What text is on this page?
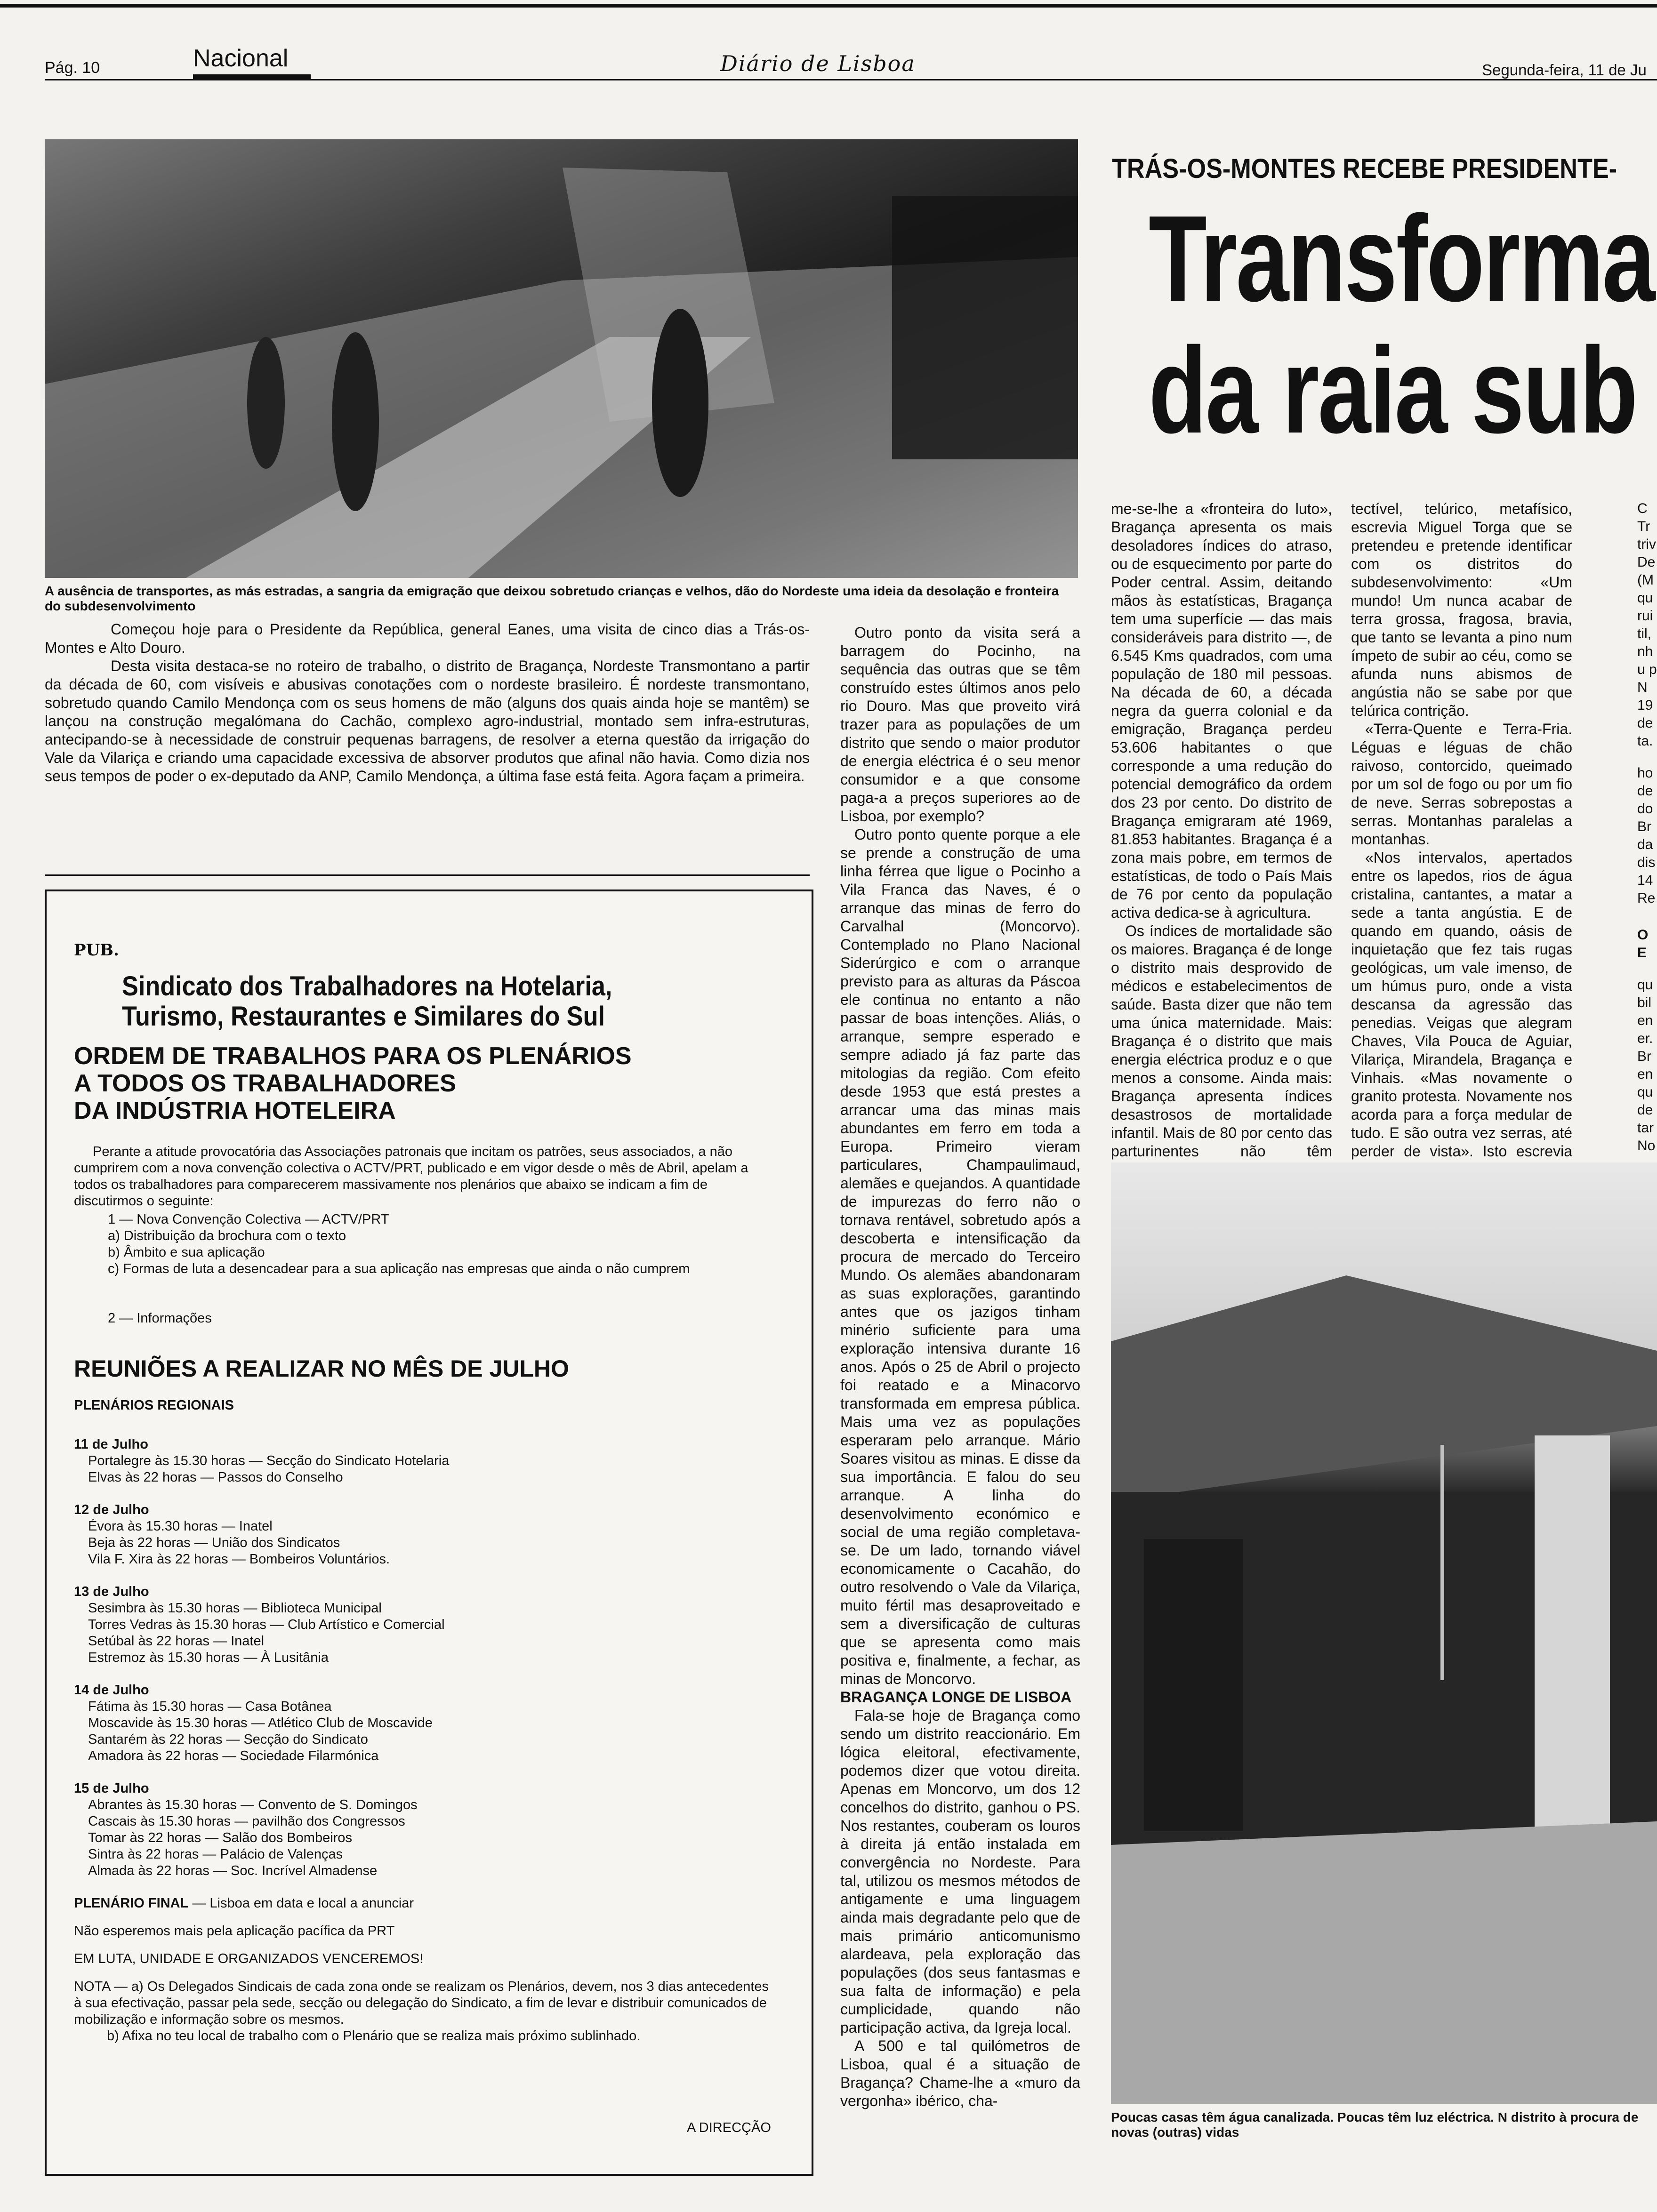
Pág. 10	Nacional	Diário de Lisboa	Segunda-feira, 11 de Ju
A ausência de transportes, as más estradas, a sangria da emigração que deixou sobretudo crianças e velhos, dão do Nordeste uma ideia da desolação e fronteira do subdesenvolvimento
TRÁS-OS-MONTES RECEBE PRESIDENTE-
Transforma
da raia sub

Começou hoje para o Presidente da República, general Eanes, uma visita de cinco dias a Trás-os-Montes e Alto Douro.

Desta visita destaca-se no roteiro de trabalho, o distrito de Bragança, Nordeste Transmontano a partir da década de 60, com visíveis e abusivas conotações com o nordeste brasileiro. É nordeste transmontano, sobretudo quando Camilo Mendonça com os seus homens de mão (alguns dos quais ainda hoje se mantêm) se lançou na construção megalómana do Cachão, complexo agro-industrial, montado sem infra-estruturas, antecipando-se à necessidade de construir pequenas barragens, de resolver a eterna questão da irrigação do Vale da Vilariça e criando uma capacidade excessiva de absorver produtos que afinal não havia. Como dizia nos seus tempos de poder o ex-deputado da ANP, Camilo Mendonça, a última fase está feita. Agora façam a primeira.

PUB.
Sindicato dos Trabalhadores na Hotelaria,
Turismo, Restaurantes e Similares do Sul
ORDEM DE TRABALHOS PARA OS PLENÁRIOS
A TODOS OS TRABALHADORES
DA INDÚSTRIA HOTELEIRA
Perante a atitude provocatória das Associações patronais que incitam os patrões, seus associados, a não cumprirem com a nova convenção colectiva o ACTV/PRT, publicado e em vigor desde o mês de Abril, apelam a todos os trabalhadores para comparecerem massivamente nos plenários que abaixo se indicam a fim de discutirmos o seguinte:
1 — Nova Convenção Colectiva — ACTV/PRT
a) Distribuição da brochura com o texto
b) Âmbito e sua aplicação
c) Formas de luta a desencadear para a sua aplicação nas empresas que ainda o não cumprem
2 — Informações
REUNIÕES A REALIZAR NO MÊS DE JULHO
PLENÁRIOS REGIONAIS
11 de Julho
Portalegre às 15.30 horas — Secção do Sindicato Hotelaria
Elvas às 22 horas — Passos do Conselho
12 de Julho
Évora às 15.30 horas — Inatel
Beja às 22 horas — União dos Sindicatos
Vila F. Xira às 22 horas — Bombeiros Voluntários.
13 de Julho
Sesimbra às 15.30 horas — Biblioteca Municipal
Torres Vedras às 15.30 horas — Club Artístico e Comercial
Setúbal às 22 horas — Inatel
Estremoz às 15.30 horas — À Lusitânia
14 de Julho
Fátima às 15.30 horas — Casa Botânea
Moscavide às 15.30 horas — Atlético Club de Moscavide
Santarém às 22 horas — Secção do Sindicato
Amadora às 22 horas — Sociedade Filarmónica
15 de Julho
Abrantes às 15.30 horas — Convento de S. Domingos
Cascais às 15.30 horas — pavilhão dos Congressos
Tomar às 22 horas — Salão dos Bombeiros
Sintra às 22 horas — Palácio de Valenças
Almada às 22 horas — Soc. Incrível Almadense
PLENÁRIO FINAL — Lisboa em data e local a anunciar
Não esperemos mais pela aplicação pacífica da PRT
EM LUTA, UNIDADE E ORGANIZADOS VENCEREMOS!
NOTA — a) Os Delegados Sindicais de cada zona onde se realizam os Plenários, devem, nos 3 dias antecedentes à sua efectivação, passar pela sede, secção ou delegação do Sindicato, a fim de levar e distribuir comunicados de mobilização e informação sobre os mesmos.
b) Afixa no teu local de trabalho com o Plenário que se realiza mais próximo sublinhado.
A DIRECÇÃO

Outro ponto da visita será a barragem do Pocinho, na sequência das outras que se têm construído estes últimos anos pelo rio Douro. Mas que proveito virá trazer para as populações de um distrito que sendo o maior produtor de energia eléctrica é o seu menor consumidor e a que consome paga-a a preços superiores ao de Lisboa, por exemplo?

Outro ponto quente porque a ele se prende a construção de uma linha férrea que ligue o Pocinho a Vila Franca das Naves, é o arranque das minas de ferro do Carvalhal (Moncorvo). Contemplado no Plano Nacional Siderúrgico e com o arranque previsto para as alturas da Páscoa ele continua no entanto a não passar de boas intenções. Aliás, o arranque, sempre esperado e sempre adiado já faz parte das mitologias da região. Com efeito desde 1953 que está prestes a arrancar uma das minas mais abundantes em ferro em toda a Europa. Primeiro vieram particulares, Champaulimaud, alemães e quejandos. A quantidade de impurezas do ferro não o tornava rentável, sobretudo após a descoberta e intensificação da procura de mercado do Terceiro Mundo. Os alemães abandonaram as suas explorações, garantindo antes que os jazigos tinham minério suficiente para uma exploração intensiva durante 16 anos. Após o 25 de Abril o projecto foi reatado e a Minacorvo transformada em empresa pública. Mais uma vez as populações esperaram pelo arranque. Mário Soares visitou as minas. E disse da sua importância. E falou do seu arranque. A linha do desenvolvimento económico e social de uma região completava-se. De um lado, tornando viável economicamente o Cacahão, do outro resolvendo o Vale da Vilariça, muito fértil mas desaproveitado e sem a diversificação de culturas que se apresenta como mais positiva e, finalmente, a fechar, as minas de Moncorvo.

BRAGANÇA LONGE DE LISBOA

Fala-se hoje de Bragança como sendo um distrito reaccionário. Em lógica eleitoral, efectivamente, podemos dizer que votou direita. Apenas em Moncorvo, um dos 12 concelhos do distrito, ganhou o PS. Nos restantes, couberam os louros à direita já então instalada em convergência no Nordeste. Para tal, utilizou os mesmos métodos de antigamente e uma linguagem ainda mais degradante pelo que de mais primário anticomunismo alardeava, pela exploração das populações (dos seus fantasmas e sua falta de informação) e pela cumplicidade, quando não participação activa, da Igreja local.

A 500 e tal quilómetros de Lisboa, qual é a situação de Bragança? Chame-lhe a «muro da vergonha» ibérico, cha-

me-se-lhe a «fronteira do luto», Bragança apresenta os mais desoladores índices do atraso, ou de esquecimento por parte do Poder central. Assim, deitando mãos às estatísticas, Bragança tem uma superfície — das mais consideráveis para distrito —, de 6.545 Kms quadrados, com uma população de 180 mil pessoas. Na década de 60, a década negra da guerra colonial e da emigração, Bragança perdeu 53.606 habitantes o que corresponde a uma redução do potencial demográfico da ordem dos 23 por cento. Do distrito de Bragança emigraram até 1969, 81.853 habitantes. Bragança é a zona mais pobre, em termos de estatísticas, de todo o País Mais de 76 por cento da população activa dedica-se à agricultura.

Os índices de mortalidade são os maiores. Bragança é de longe o distrito mais desprovido de médicos e estabelecimentos de saúde. Basta dizer que não tem uma única maternidade. Mais: Bragança é o distrito que mais energia eléctrica produz e o que menos a consome. Ainda mais: Bragança apresenta índices desastrosos de mortalidade infantil. Mais de 80 por cento das parturinentes não têm

tectível, telúrico, metafísico, escrevia Miguel Torga que se pretendeu e pretende identificar com os distritos do subdesenvolvimento: «Um mundo! Um nunca acabar de terra grossa, fragosa, bravia, que tanto se levanta a pino num ímpeto de subir ao céu, como se afunda nuns abismos de angústia não se sabe por que telúrica contrição.

«Terra-Quente e Terra-Fria. Léguas e léguas de chão raivoso, contorcido, queimado por um sol de fogo ou por um fio de neve. Serras sobrepostas a serras. Montanhas paralelas a montanhas.

«Nos intervalos, apertados entre os lapedos, rios de água cristalina, cantantes, a matar a sede a tanta angústia. E de quando em quando, oásis de inquietação que fez tais rugas geológicas, um vale imenso, de um húmus puro, onde a vista descansa da agressão das penedias. Veigas que alegram Chaves, Vila Pouca de Aguiar, Vilariça, Mirandela, Bragança e Vinhais. «Mas novamente o granito protesta. Novamente nos acorda para a força medular de tudo. E são outra vez serras, até perder de vista». Isto escrevia

C
Tr
triv
De
(M
qu
rui
til,
nh
u p
N
19
de
ta.
ho
de
do
Br
da
dis
14
Re
O
E
qu
bil
en
er.
Br
en
qu
de
tar
No
Poucas casas têm água canalizada. Poucas têm luz eléctrica. N distrito à procura de novas (outras) vidas
